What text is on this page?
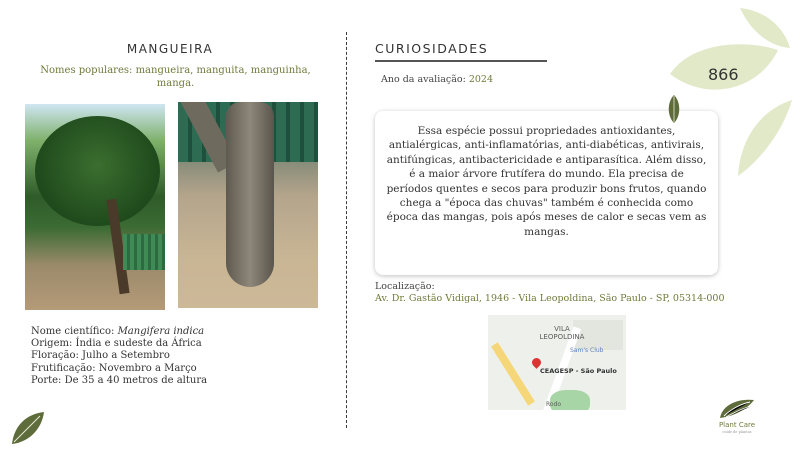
MANGUEIRA
Nomes populares: mangueira, manguita, manguinha, manga.
Nome científico: Mangifera indica
Origem: Índia e sudeste da África
Floração: Julho a Setembro
Frutificação: Novembro a Março
Porte: De 35 a 40 metros de altura
CURIOSIDADES
Ano da avaliação: 2024
Essa espécie possui propriedades antioxidantes, antialérgicas, anti-inflamatórias, anti-diabéticas, antivirais, antifúngicas, antibactericidade e antiparasítica. Além disso, é a maior árvore frutífera do mundo. Ela precisa de períodos quentes e secos para produzir bons frutos, quando chega a "época das chuvas" também é conhecida como época das mangas, pois após meses de calor e secas vem as mangas.
Localização:
Av. Dr. Gastão Vidigal, 1946 - Vila Leopoldina, São Paulo - SP, 05314-000
VILA LEOPOLDINA
Sam's Club
CEAGESP - São Paulo
Rodo
866
Plant Care
cuide de plantas
